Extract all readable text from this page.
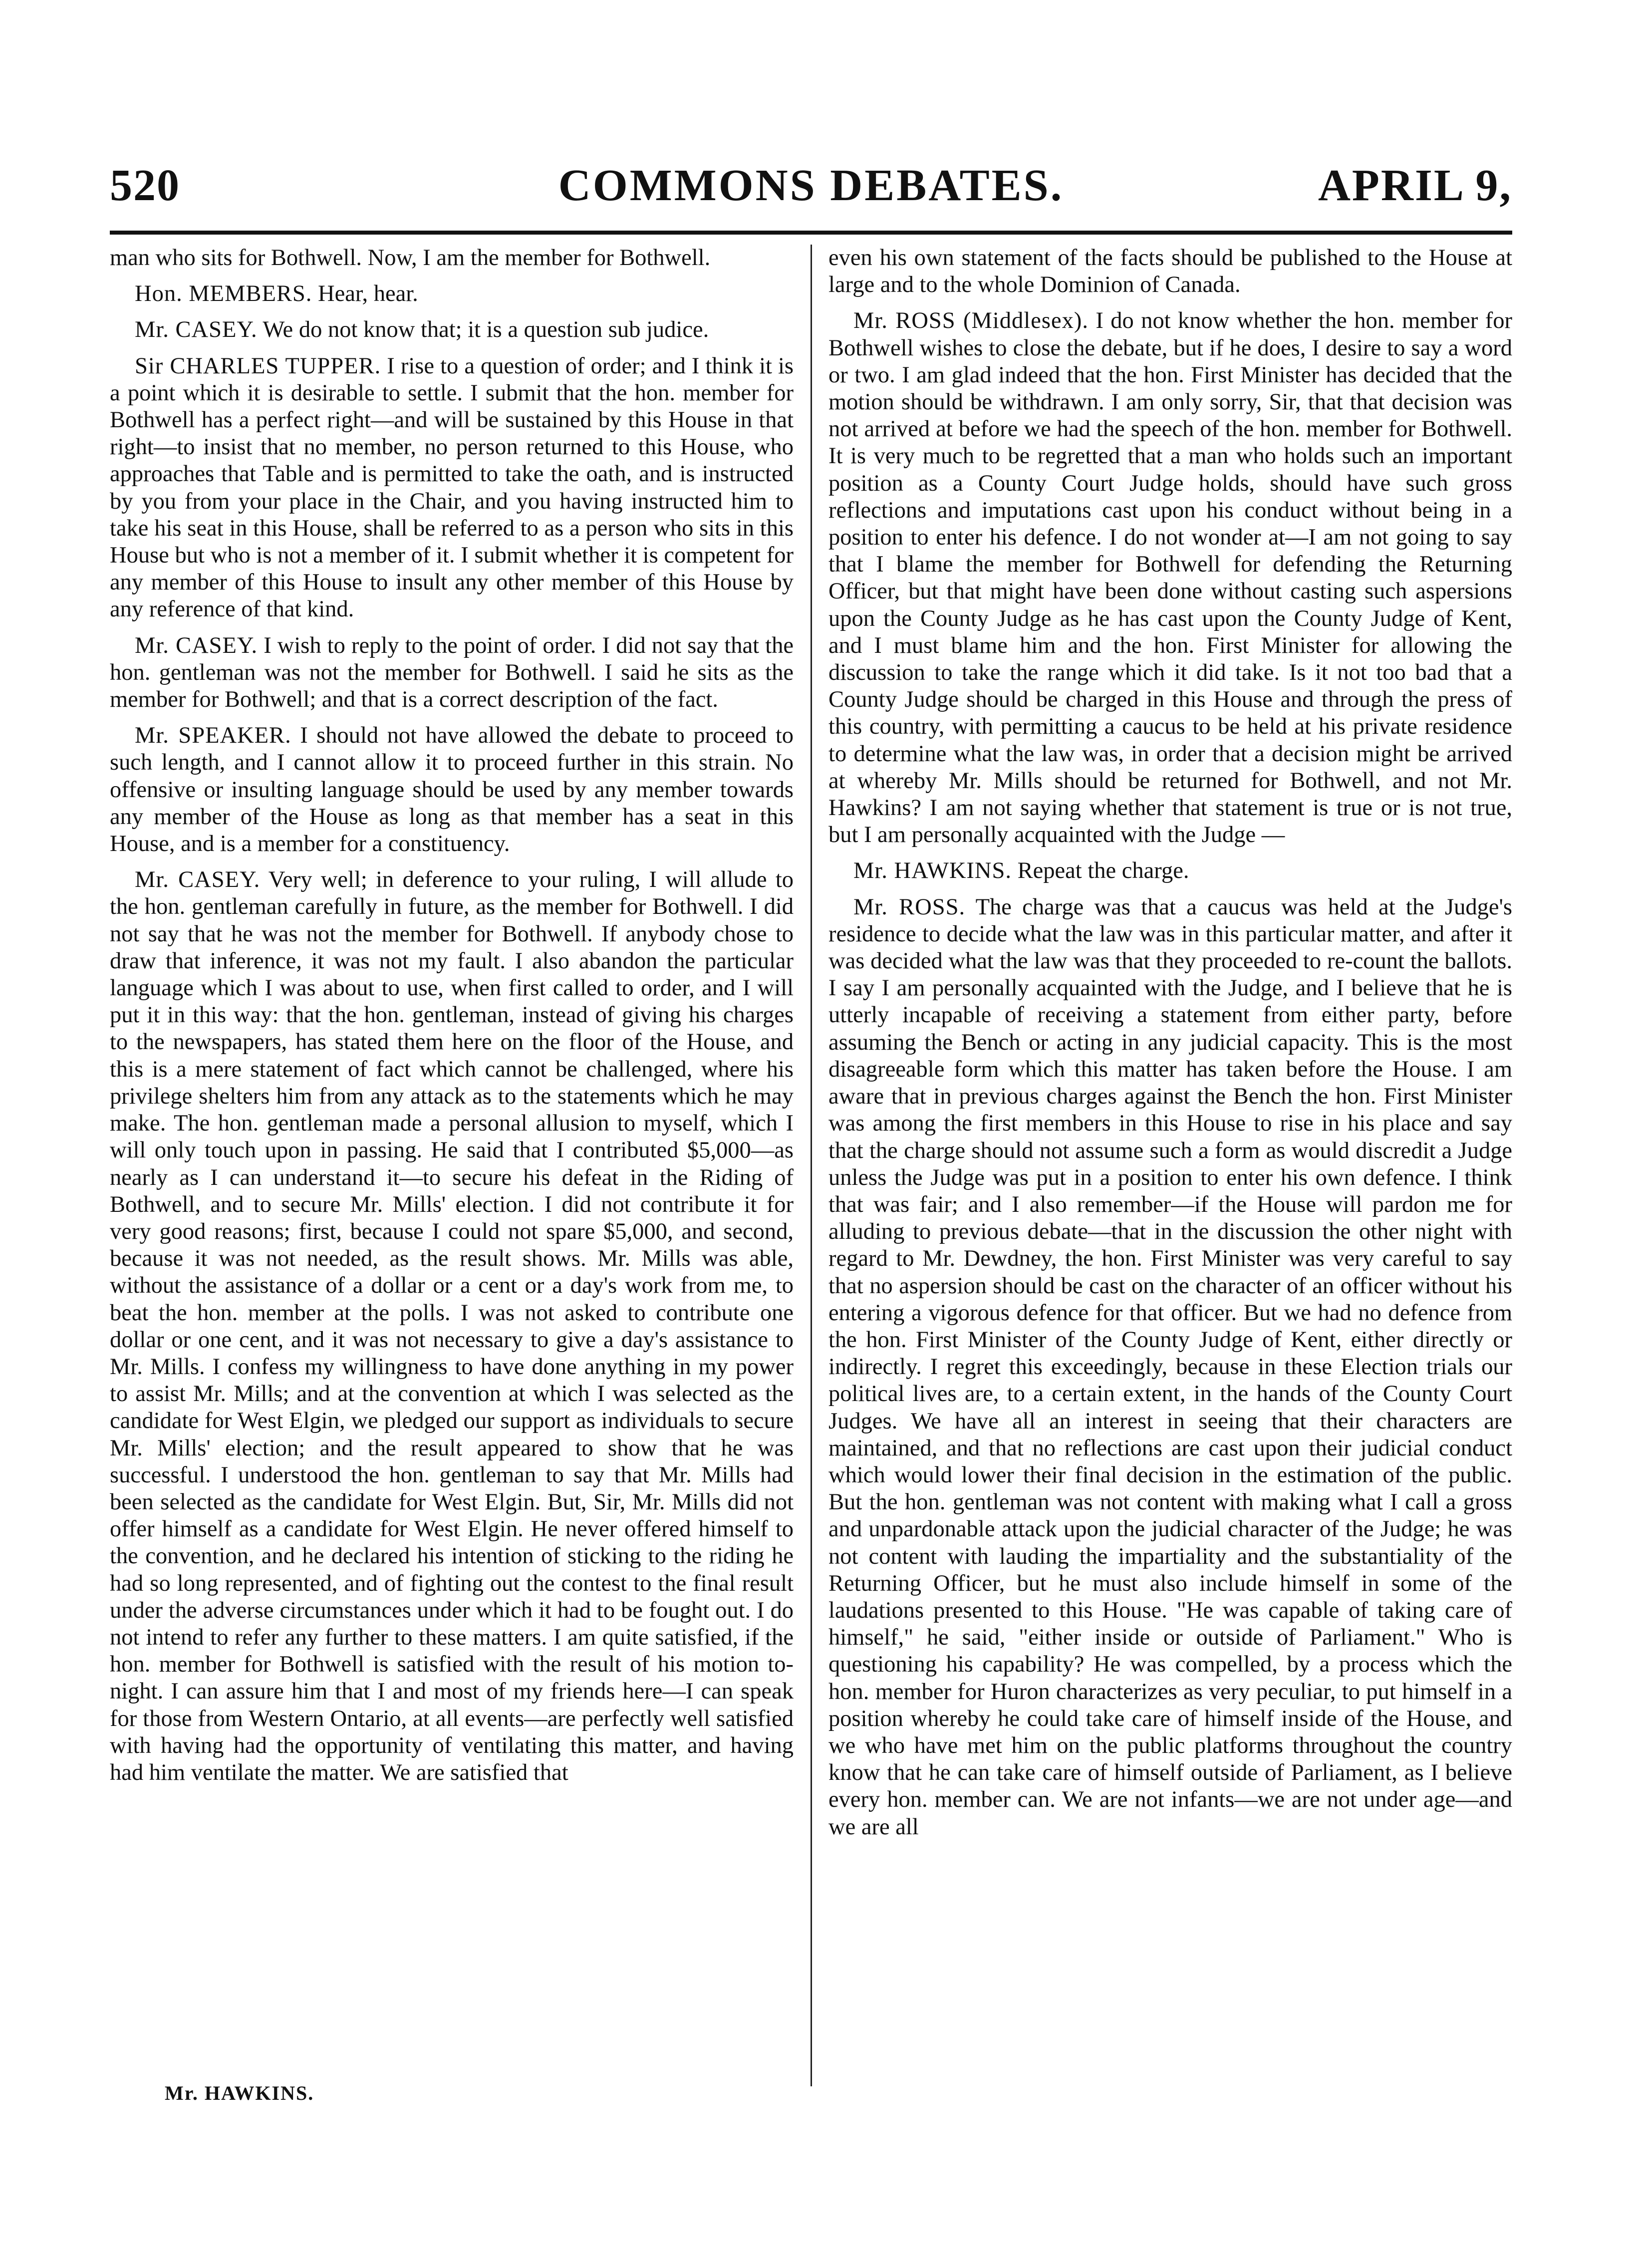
520	COMMONS DEBATES.	APRIL 9,

man who sits for Bothwell. Now, I am the member for Bothwell.

Hon. MEMBERS. Hear, hear.

Mr. CASEY. We do not know that; it is a question sub judice.

Sir CHARLES TUPPER. I rise to a question of order; and I think it is a point which it is desirable to settle. I submit that the hon. member for Bothwell has a perfect right—and will be sustained by this House in that right—to insist that no member, no person returned to this House, who approaches that Table and is permitted to take the oath, and is instructed by you from your place in the Chair, and you having instructed him to take his seat in this House, shall be referred to as a person who sits in this House but who is not a member of it. I submit whether it is competent for any member of this House to insult any other member of this House by any reference of that kind.

Mr. CASEY. I wish to reply to the point of order. I did not say that the hon. gentleman was not the member for Bothwell. I said he sits as the member for Bothwell; and that is a correct description of the fact.

Mr. SPEAKER. I should not have allowed the debate to proceed to such length, and I cannot allow it to proceed further in this strain. No offensive or insulting language should be used by any member towards any member of the House as long as that member has a seat in this House, and is a member for a constituency.

Mr. CASEY. Very well; in deference to your ruling, I will allude to the hon. gentleman carefully in future, as the member for Bothwell. I did not say that he was not the member for Bothwell. If anybody chose to draw that inference, it was not my fault. I also abandon the particular language which I was about to use, when first called to order, and I will put it in this way: that the hon. gentleman, instead of giving his charges to the newspapers, has stated them here on the floor of the House, and this is a mere statement of fact which cannot be challenged, where his privilege shelters him from any attack as to the statements which he may make. The hon. gentleman made a personal allusion to myself, which I will only touch upon in passing. He said that I contributed $5,000—as nearly as I can understand it—to secure his defeat in the Riding of Bothwell, and to secure Mr. Mills' election. I did not contribute it for very good reasons; first, because I could not spare $5,000, and second, because it was not needed, as the result shows. Mr. Mills was able, without the assistance of a dollar or a cent or a day's work from me, to beat the hon. member at the polls. I was not asked to contribute one dollar or one cent, and it was not necessary to give a day's assistance to Mr. Mills. I confess my willingness to have done anything in my power to assist Mr. Mills; and at the convention at which I was selected as the candidate for West Elgin, we pledged our support as individuals to secure Mr. Mills' election; and the result appeared to show that he was successful. I understood the hon. gentleman to say that Mr. Mills had been selected as the candidate for West Elgin. But, Sir, Mr. Mills did not offer himself as a candidate for West Elgin. He never offered himself to the convention, and he declared his intention of sticking to the riding he had so long represented, and of fighting out the contest to the final result under the adverse circumstances under which it had to be fought out. I do not intend to refer any further to these matters. I am quite satisfied, if the hon. member for Bothwell is satisfied with the result of his motion to-night. I can assure him that I and most of my friends here—I can speak for those from Western Ontario, at all events—are perfectly well satisfied with having had the opportunity of ventilating this matter, and having had him ventilate the matter. We are satisfied that

even his own statement of the facts should be published to the House at large and to the whole Dominion of Canada.

Mr. ROSS (Middlesex). I do not know whether the hon. member for Bothwell wishes to close the debate, but if he does, I desire to say a word or two. I am glad indeed that the hon. First Minister has decided that the motion should be withdrawn. I am only sorry, Sir, that that decision was not arrived at before we had the speech of the hon. member for Bothwell. It is very much to be regretted that a man who holds such an important position as a County Court Judge holds, should have such gross reflections and imputations cast upon his conduct without being in a position to enter his defence. I do not wonder at—I am not going to say that I blame the member for Bothwell for defending the Returning Officer, but that might have been done without casting such aspersions upon the County Judge as he has cast upon the County Judge of Kent, and I must blame him and the hon. First Minister for allowing the discussion to take the range which it did take. Is it not too bad that a County Judge should be charged in this House and through the press of this country, with permitting a caucus to be held at his private residence to determine what the law was, in order that a decision might be arrived at whereby Mr. Mills should be returned for Bothwell, and not Mr. Hawkins? I am not saying whether that statement is true or is not true, but I am personally acquainted with the Judge —

Mr. HAWKINS. Repeat the charge.

Mr. ROSS. The charge was that a caucus was held at the Judge's residence to decide what the law was in this particular matter, and after it was decided what the law was that they proceeded to re-count the ballots. I say I am personally acquainted with the Judge, and I believe that he is utterly incapable of receiving a statement from either party, before assuming the Bench or acting in any judicial capacity. This is the most disagreeable form which this matter has taken before the House. I am aware that in previous charges against the Bench the hon. First Minister was among the first members in this House to rise in his place and say that the charge should not assume such a form as would discredit a Judge unless the Judge was put in a position to enter his own defence. I think that was fair; and I also remember—if the House will pardon me for alluding to previous debate—that in the discussion the other night with regard to Mr. Dewdney, the hon. First Minister was very careful to say that no aspersion should be cast on the character of an officer without his entering a vigorous defence for that officer. But we had no defence from the hon. First Minister of the County Judge of Kent, either directly or indirectly. I regret this exceedingly, because in these Election trials our political lives are, to a certain extent, in the hands of the County Court Judges. We have all an interest in seeing that their characters are maintained, and that no reflections are cast upon their judicial conduct which would lower their final decision in the estimation of the public. But the hon. gentleman was not content with making what I call a gross and unpardonable attack upon the judicial character of the Judge; he was not content with lauding the impartiality and the substantiality of the Returning Officer, but he must also include himself in some of the laudations presented to this House. "He was capable of taking care of himself," he said, "either inside or outside of Parliament." Who is questioning his capability? He was compelled, by a process which the hon. member for Huron characterizes as very peculiar, to put himself in a position whereby he could take care of himself inside of the House, and we who have met him on the public platforms throughout the country know that he can take care of himself outside of Parliament, as I believe every hon. member can. We are not infants—we are not under age—and we are all

Mr. HAWKINS.
